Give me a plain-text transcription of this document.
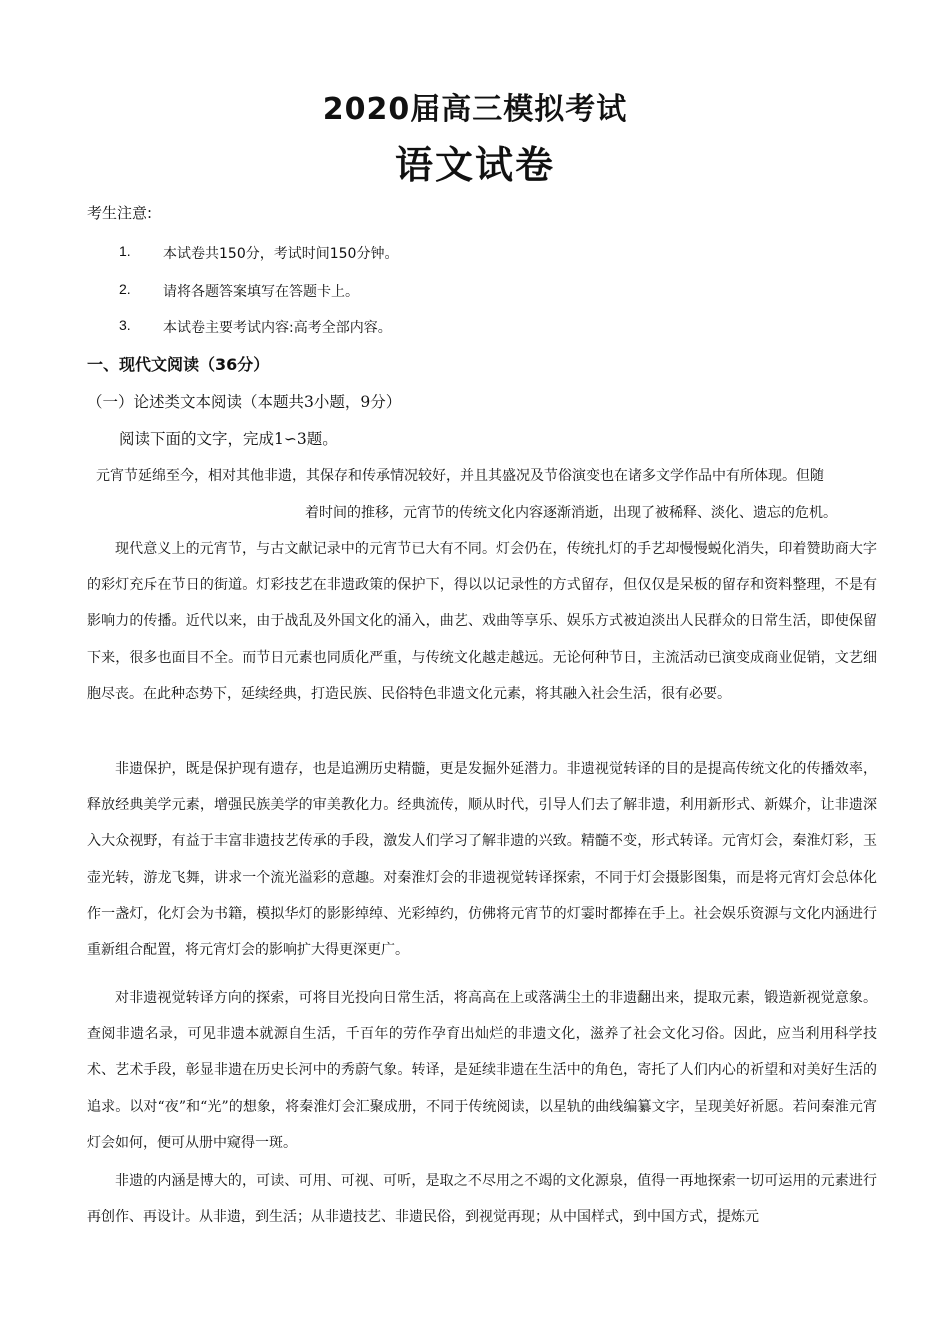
2020届高三模拟考试
语文试卷
考生注意:
1. 本试卷共150分，考试时间150分钟。
2. 请将各题答案填写在答题卡上。
3. 本试卷主要考试内容:高考全部内容。
一、现代文阅读（36分）
（一）论述类文本阅读（本题共3小题，9分）
阅读下面的文字，完成1∽3题。
元宵节延绵至今，相对其他非遗，其保存和传承情况较好，并且其盛况及节俗演变也在诸多文学作品中有所体现。但随
着时间的推移，元宵节的传统文化内容逐渐消逝，出现了被稀释、淡化、遗忘的危机。
现代意义上的元宵节，与古文献记录中的元宵节已大有不同。灯会仍在，传统扎灯的手艺却慢慢蜕化消失，印着赞助商大字的彩灯充斥在节日的街道。灯彩技艺在非遗政策的保护下，得以以记录性的方式留存，但仅仅是呆板的留存和资料整理，不是有影响力的传播。近代以来，由于战乱及外国文化的涌入，曲艺、戏曲等享乐、娱乐方式被迫淡出人民群众的日常生活，即使保留下来，很多也面目不全。而节日元素也同质化严重，与传统文化越走越远。无论何种节日，主流活动已演变成商业促销，文艺细胞尽丧。在此种态势下，延续经典，打造民族、民俗特色非遗文化元素，将其融入社会生活，很有必要。
非遗保护，既是保护现有遗存，也是追溯历史精髓，更是发掘外延潜力。非遗视觉转译的目的是提高传统文化的传播效率，释放经典美学元素，增强民族美学的审美教化力。经典流传，顺从时代，引导人们去了解非遗，利用新形式、新媒介，让非遗深入大众视野，有益于丰富非遗技艺传承的手段，激发人们学习了解非遗的兴致。精髓不变，形式转译。元宵灯会，秦淮灯彩，玉壶光转，游龙飞舞，讲求一个流光溢彩的意趣。对秦淮灯会的非遗视觉转译探索，不同于灯会摄影图集，而是将元宵灯会总体化作一盏灯，化灯会为书籍，模拟华灯的影影绰绰、光彩绰约，仿佛将元宵节的灯霎时都捧在手上。社会娱乐资源与文化内涵进行重新组合配置，将元宵灯会的影响扩大得更深更广。
对非遗视觉转译方向的探索，可将目光投向日常生活，将高高在上或落满尘土的非遗翻出来，提取元素，锻造新视觉意象。查阅非遗名录，可见非遗本就源自生活，千百年的劳作孕育出灿烂的非遗文化，滋养了社会文化习俗。因此，应当利用科学技术、艺术手段，彰显非遗在历史长河中的秀蔚气象。转译，是延续非遗在生活中的角色，寄托了人们内心的祈望和对美好生活的追求。以对“夜”和“光”的想象，将秦淮灯会汇聚成册，不同于传统阅读，以星轨的曲线编纂文字，呈现美好祈愿。若问秦淮元宵灯会如何，便可从册中窥得一斑。
非遗的内涵是博大的，可读、可用、可视、可听，是取之不尽用之不竭的文化源泉，值得一再地探索一切可运用的元素进行再创作、再设计。从非遗，到生活；从非遗技艺、非遗民俗，到视觉再现；从中国样式，到中国方式，提炼元
